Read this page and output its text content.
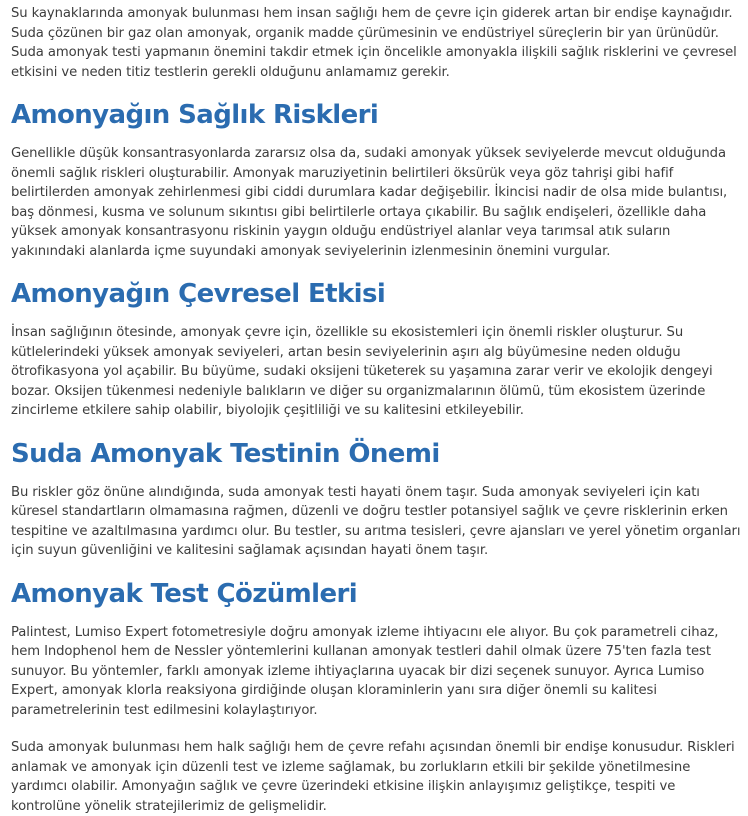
Su kaynaklarında amonyak bulunması hem insan sağlığı hem de çevre için giderek artan bir endişe kaynağıdır. Suda çözünen bir gaz olan amonyak, organik madde çürümesinin ve endüstriyel süreçlerin bir yan ürünüdür. Suda amonyak testi yapmanın önemini takdir etmek için öncelikle amonyakla ilişkili sağlık risklerini ve çevresel etkisini ve neden titiz testlerin gerekli olduğunu anlamamız gerekir.

Amonyağın Sağlık Riskleri

Genellikle düşük konsantrasyonlarda zararsız olsa da, sudaki amonyak yüksek seviyelerde mevcut olduğunda önemli sağlık riskleri oluşturabilir. Amonyak maruziyetinin belirtileri öksürük veya göz tahrişi gibi hafif belirtilerden amonyak zehirlenmesi gibi ciddi durumlara kadar değişebilir. İkincisi nadir de olsa mide bulantısı, baş dönmesi, kusma ve solunum sıkıntısı gibi belirtilerle ortaya çıkabilir. Bu sağlık endişeleri, özellikle daha yüksek amonyak konsantrasyonu riskinin yaygın olduğu endüstriyel alanlar veya tarımsal atık suların yakınındaki alanlarda içme suyundaki amonyak seviyelerinin izlenmesinin önemini vurgular.

Amonyağın Çevresel Etkisi

İnsan sağlığının ötesinde, amonyak çevre için, özellikle su ekosistemleri için önemli riskler oluşturur. Su kütlelerindeki yüksek amonyak seviyeleri, artan besin seviyelerinin aşırı alg büyümesine neden olduğu ötrofikasyona yol açabilir. Bu büyüme, sudaki oksijeni tüketerek su yaşamına zarar verir ve ekolojik dengeyi bozar. Oksijen tükenmesi nedeniyle balıkların ve diğer su organizmalarının ölümü, tüm ekosistem üzerinde zincirleme etkilere sahip olabilir, biyolojik çeşitliliği ve su kalitesini etkileyebilir.

Suda Amonyak Testinin Önemi

Bu riskler göz önüne alındığında, suda amonyak testi hayati önem taşır. Suda amonyak seviyeleri için katı küresel standartların olmamasına rağmen, düzenli ve doğru testler potansiyel sağlık ve çevre risklerinin erken tespitine ve azaltılmasına yardımcı olur. Bu testler, su arıtma tesisleri, çevre ajansları ve yerel yönetim organları için suyun güvenliğini ve kalitesini sağlamak açısından hayati önem taşır.

Amonyak Test Çözümleri

Palintest, Lumiso Expert fotometresiyle doğru amonyak izleme ihtiyacını ele alıyor. Bu çok parametreli cihaz, hem Indophenol hem de Nessler yöntemlerini kullanan amonyak testleri dahil olmak üzere 75'ten fazla test sunuyor. Bu yöntemler, farklı amonyak izleme ihtiyaçlarına uyacak bir dizi seçenek sunuyor. Ayrıca Lumiso Expert, amonyak klorla reaksiyona girdiğinde oluşan kloraminlerin yanı sıra diğer önemli su kalitesi parametrelerinin test edilmesini kolaylaştırıyor.

Suda amonyak bulunması hem halk sağlığı hem de çevre refahı açısından önemli bir endişe konusudur. Riskleri anlamak ve amonyak için düzenli test ve izleme sağlamak, bu zorlukların etkili bir şekilde yönetilmesine yardımcı olabilir. Amonyağın sağlık ve çevre üzerindeki etkisine ilişkin anlayışımız geliştikçe, tespiti ve kontrolüne yönelik stratejilerimiz de gelişmelidir.
